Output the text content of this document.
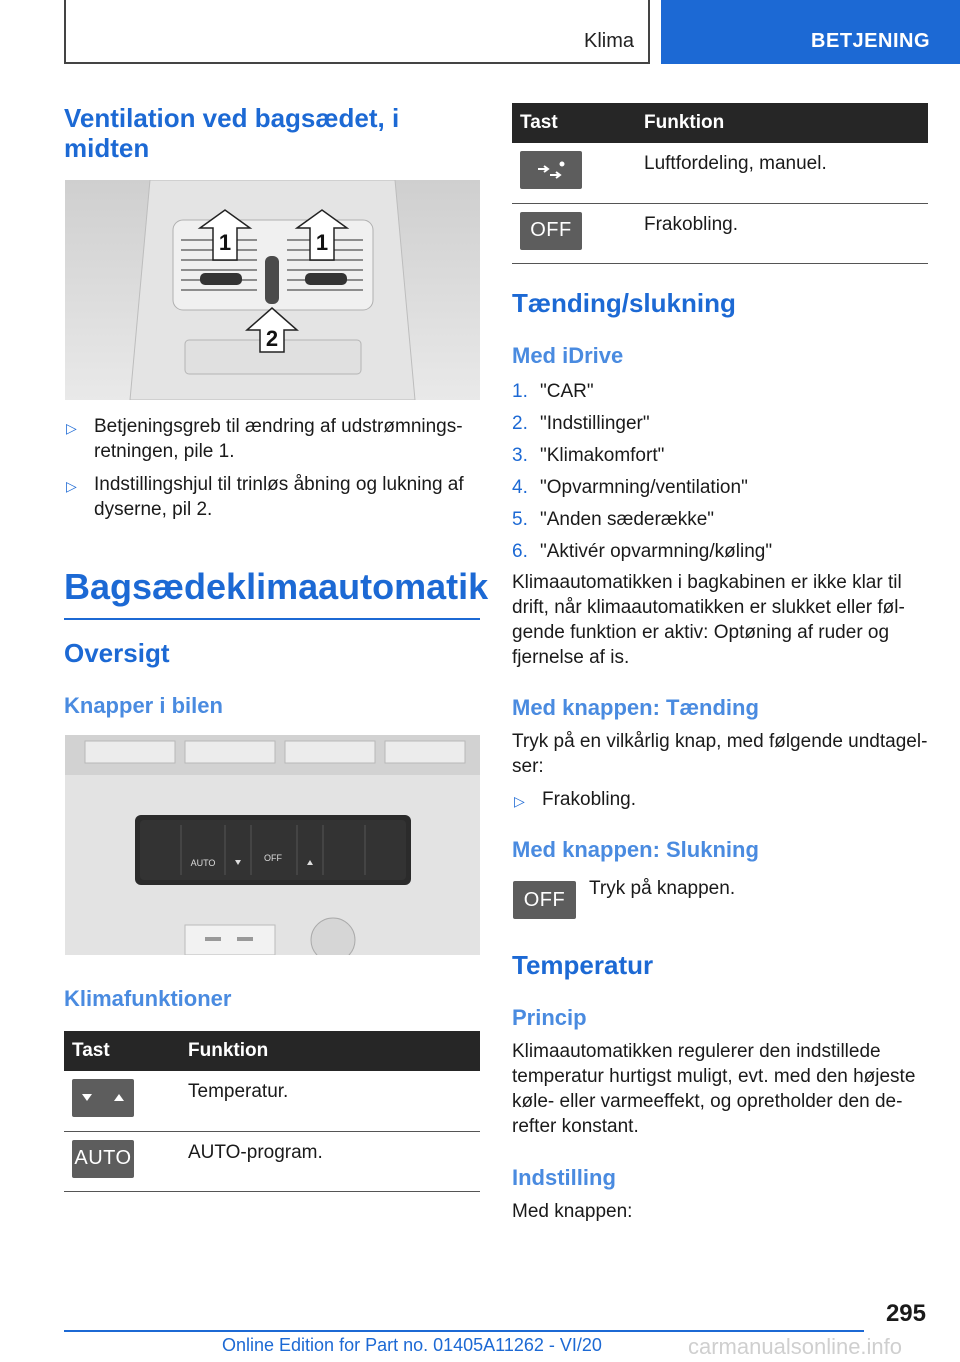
Klima	BETJENING
Ventilation ved bagsædet, i midten
1	1
2
▷ Betjeningsgreb til ændring af udstrømnings-retningen, pile 1.
▷ Indstillingshjul til trinløs åbning og lukning af dyserne, pil 2.
Bagsædeklimaautomatik
Oversigt
Knapper i bilen
AUTO	OFF
Klimafunktioner
Tast	Funktion

	Temperatur.

AUTO	AUTO-program.
Tast	Funktion

	Luftfordeling, manuel.

OFF	Frakobling.
Tænding/slukning
Med iDrive
1. "CAR"
2. "Indstillinger"
3. "Klimakomfort"
4. "Opvarmning/ventilation"
5. "Anden sæderække"
6. "Aktivér opvarmning/køling"
Klimaautomatikken i bagkabinen er ikke klar til drift, når klimaautomatikken er slukket eller føl-gende funktion er aktiv: Optøning af ruder og fjernelse af is.
Med knappen: Tænding
Tryk på en vilkårlig knap, med følgende undtagel-ser:
▷ Frakobling.
Med knappen: Slukning
OFF	Tryk på knappen.
Temperatur
Princip
Klimaautomatikken regulerer den indstillede temperatur hurtigst muligt, evt. med den højeste køle- eller varmeeffekt, og opretholder den de-refter konstant.
Indstilling
Med knappen:
295
Online Edition for Part no. 01405A11262 - VI/20	carmanualsonline.info
